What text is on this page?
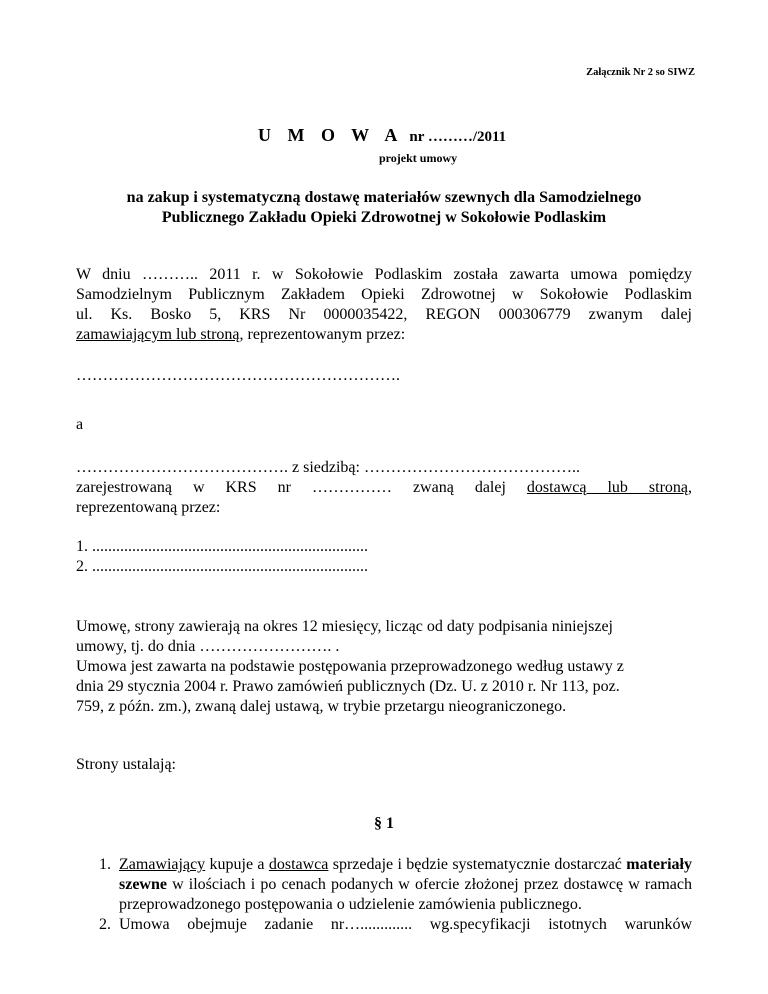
Załącznik Nr 2 so SIWZ
U M O W A nr ………/2011
projekt umowy
na zakup i systematyczną dostawę materiałów szewnych dla Samodzielnego
Publicznego Zakładu Opieki Zdrowotnej w Sokołowie Podlaskim
W dniu ……….. 2011 r. w Sokołowie Podlaskim została zawarta umowa pomiędzy
Samodzielnym Publicznym Zakładem Opieki Zdrowotnej w Sokołowie Podlaskim
ul. Ks. Bosko 5, KRS Nr 0000035422, REGON 000306779 zwanym dalej
zamawiającym lub stroną, reprezentowanym przez:
…………………………………………………….
a
…………………………………. z siedzibą: …………………………………..
zarejestrowaną w KRS nr …………… zwaną dalej dostawcą lub stroną,
reprezentowaną przez:
1. .....................................................................
2. .....................................................................
Umowę, strony zawierają na okres 12 miesięcy, licząc od daty podpisania niniejszej
umowy, tj. do dnia ……………………. .
Umowa jest zawarta na podstawie postępowania przeprowadzonego według ustawy z
dnia 29 stycznia 2004 r. Prawo zamówień publicznych (Dz. U. z 2010 r. Nr 113, poz.
759, z późn. zm.), zwaną dalej ustawą, w trybie przetargu nieograniczonego.
Strony ustalają:
§ 1
1. Zamawiający kupuje a dostawca sprzedaje i będzie systematycznie dostarczać materiały szewne w ilościach i po cenach podanych w ofercie złożonej przez dostawcę w ramach przeprowadzonego postępowania o udzielenie zamówienia publicznego.
2. Umowa obejmuje zadanie nr…............. wg.specyfikacji istotnych warunków
